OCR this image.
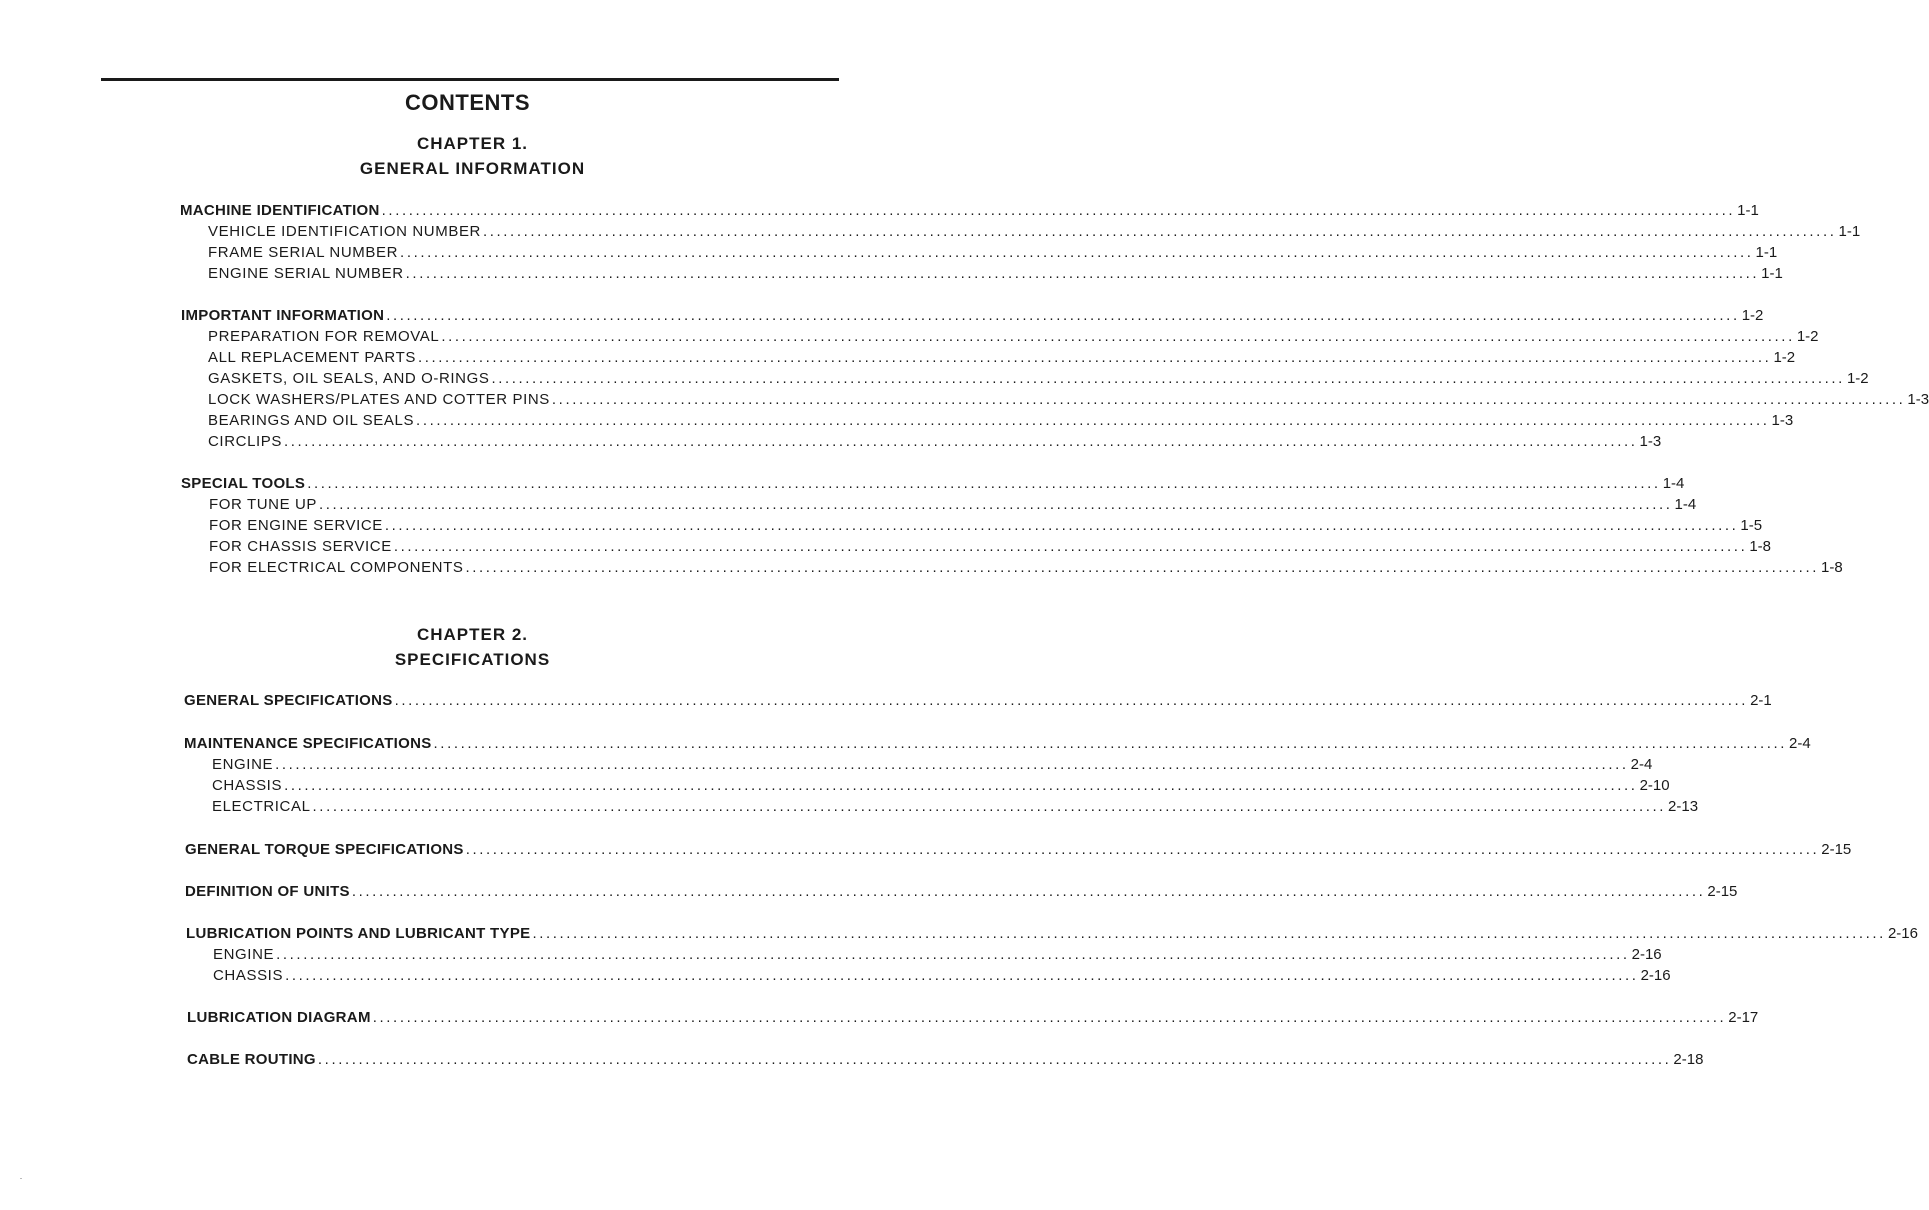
CONTENTS
CHAPTER 1.
GENERAL INFORMATION
CHAPTER 2.
SPECIFICATIONS
MACHINE IDENTIFICATION ........................................................................................................................................................................................................ 1-1
VEHICLE IDENTIFICATION NUMBER ........................................................................................................................................................................................................ 1-1
FRAME SERIAL NUMBER ........................................................................................................................................................................................................ 1-1
ENGINE SERIAL NUMBER ........................................................................................................................................................................................................ 1-1
IMPORTANT INFORMATION ........................................................................................................................................................................................................ 1-2
PREPARATION FOR REMOVAL ........................................................................................................................................................................................................ 1-2
ALL REPLACEMENT PARTS ........................................................................................................................................................................................................ 1-2
GASKETS, OIL SEALS, AND O-RINGS ........................................................................................................................................................................................................ 1-2
LOCK WASHERS/PLATES AND COTTER PINS ........................................................................................................................................................................................................ 1-3
BEARINGS AND OIL SEALS ........................................................................................................................................................................................................ 1-3
CIRCLIPS ........................................................................................................................................................................................................ 1-3
SPECIAL TOOLS ........................................................................................................................................................................................................ 1-4
FOR TUNE UP ........................................................................................................................................................................................................ 1-4
FOR ENGINE SERVICE ........................................................................................................................................................................................................ 1-5
FOR CHASSIS SERVICE ........................................................................................................................................................................................................ 1-8
FOR ELECTRICAL COMPONENTS ........................................................................................................................................................................................................ 1-8
GENERAL SPECIFICATIONS ........................................................................................................................................................................................................ 2-1
MAINTENANCE SPECIFICATIONS ........................................................................................................................................................................................................ 2-4
ENGINE ........................................................................................................................................................................................................ 2-4
CHASSIS ........................................................................................................................................................................................................ 2-10
ELECTRICAL ........................................................................................................................................................................................................ 2-13
GENERAL TORQUE SPECIFICATIONS ........................................................................................................................................................................................................ 2-15
DEFINITION OF UNITS ........................................................................................................................................................................................................ 2-15
LUBRICATION POINTS AND LUBRICANT TYPE ........................................................................................................................................................................................................ 2-16
ENGINE ........................................................................................................................................................................................................ 2-16
CHASSIS ........................................................................................................................................................................................................ 2-16
LUBRICATION DIAGRAM ........................................................................................................................................................................................................ 2-17
CABLE ROUTING ........................................................................................................................................................................................................ 2-18
